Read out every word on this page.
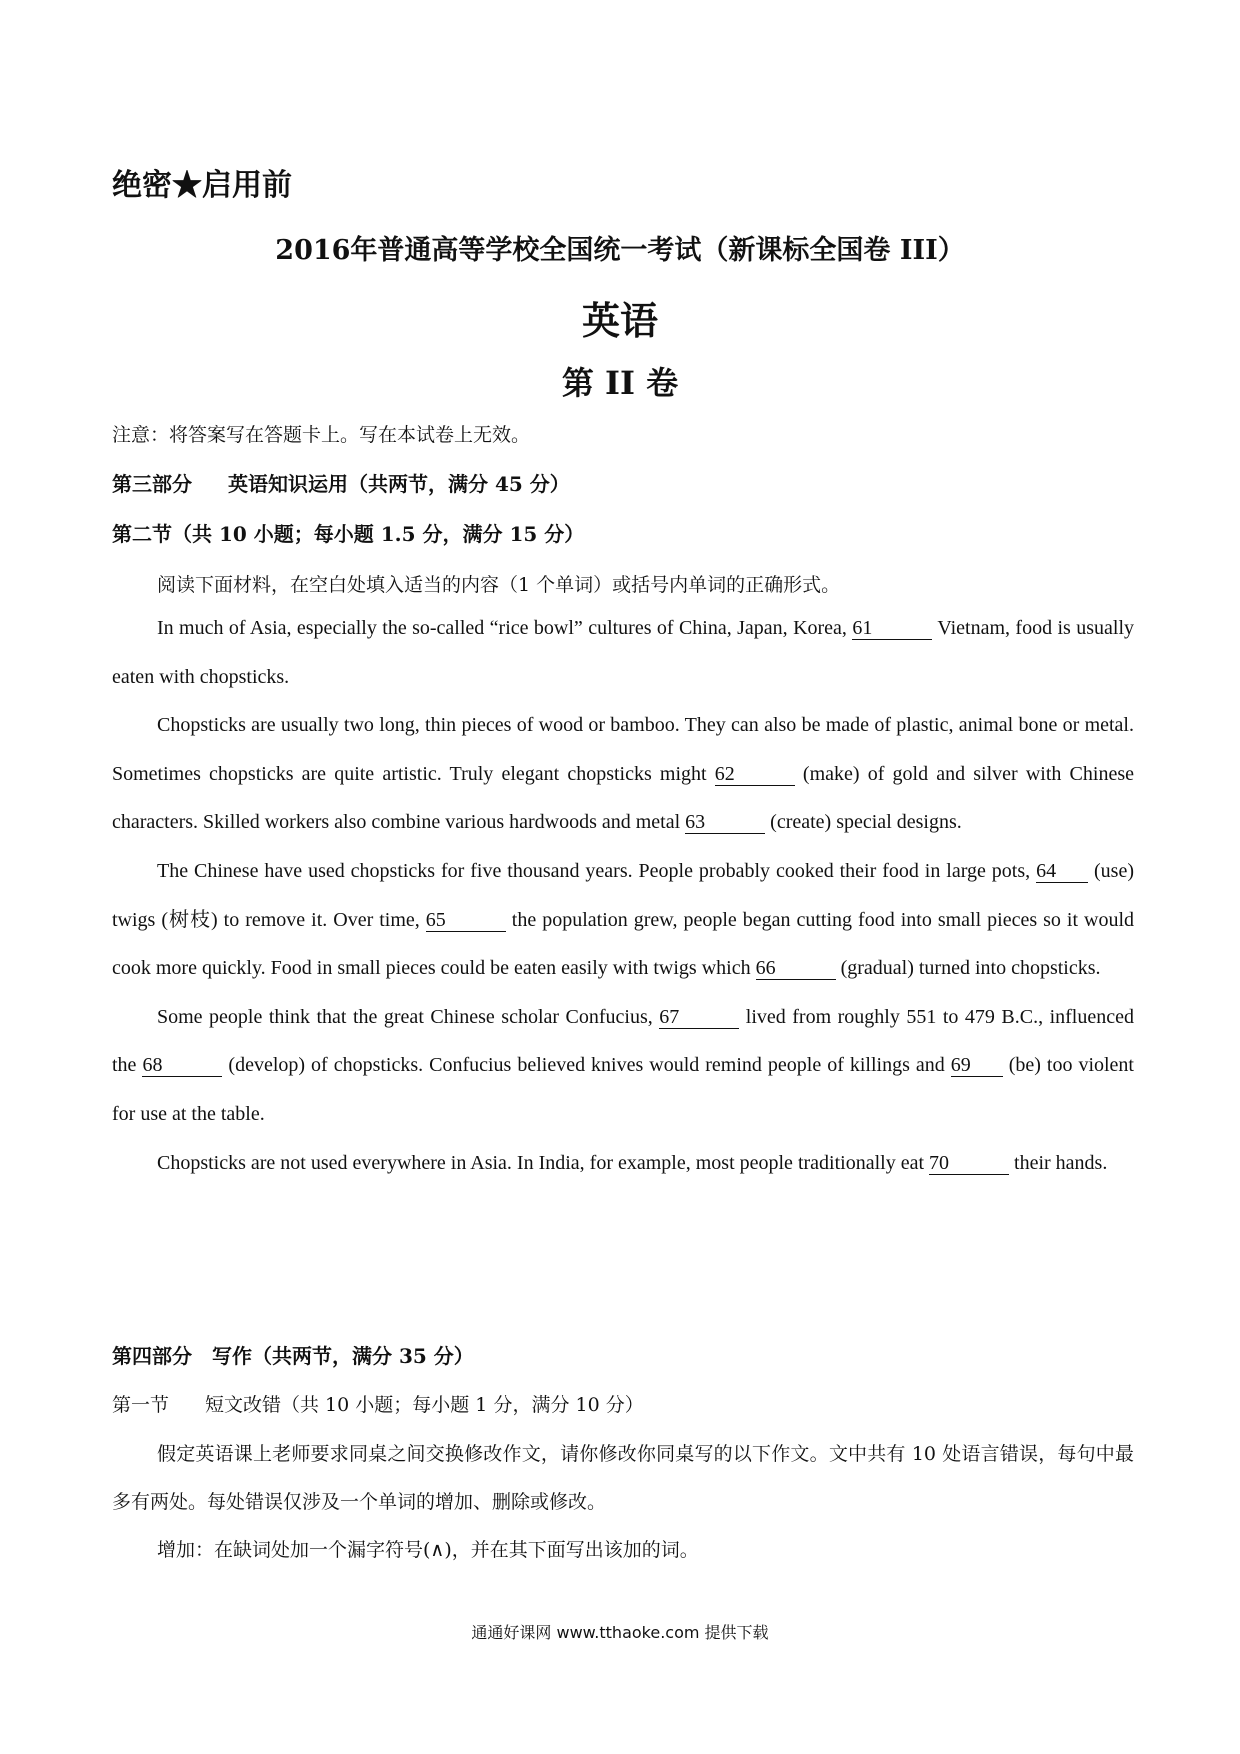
绝密★启用前

2016年普通高等学校全国统一考试（新课标全国卷 III）

英语

第 II 卷

注意：将答案写在答题卡上。写在本试卷上无效。

第三部分 英语知识运用（共两节，满分 45 分）

第二节（共 10 小题；每小题 1.5 分，满分 15 分）

阅读下面材料，在空白处填入适当的内容（1 个单词）或括号内单词的正确形式。

In much of Asia, especially the so-called “rice bowl” cultures of China, Japan, Korea, 61	Vietnam, food is usually eaten with chopsticks.

Chopsticks are usually two long, thin pieces of wood or bamboo. They can also be made of plastic, animal bone or metal. Sometimes chopsticks are quite artistic. Truly elegant chopsticks might 62	(make) of gold and silver with Chinese characters. Skilled workers also combine various hardwoods and metal 63	(create) special designs.

The Chinese have used chopsticks for five thousand years. People probably cooked their food in large pots, 64 (use) twigs (树枝) to remove it. Over time, 65	the population grew, people began cutting food into small pieces so it would cook more quickly. Food in small pieces could be eaten easily with twigs which 66	(gradual) turned into chopsticks.

Some people think that the great Chinese scholar Confucius, 67	lived from roughly 551 to 479 B.C., influenced the 68	(develop) of chopsticks. Confucius believed knives would remind people of killings and 69 (be) too violent for use at the table.

Chopsticks are not used everywhere in Asia. In India, for example, most people traditionally eat 70	their hands.

第四部分　写作（共两节，满分 35 分）

第一节 短文改错（共 10 小题；每小题 1 分，满分 10 分）

假定英语课上老师要求同桌之间交换修改作文，请你修改你同桌写的以下作文。文中共有 10 处语言错误，每句中最多有两处。每处错误仅涉及一个单词的增加、删除或修改。

增加：在缺词处加一个漏字符号(∧)，并在其下面写出该加的词。

通通好课网 www.tthaoke.com 提供下载
